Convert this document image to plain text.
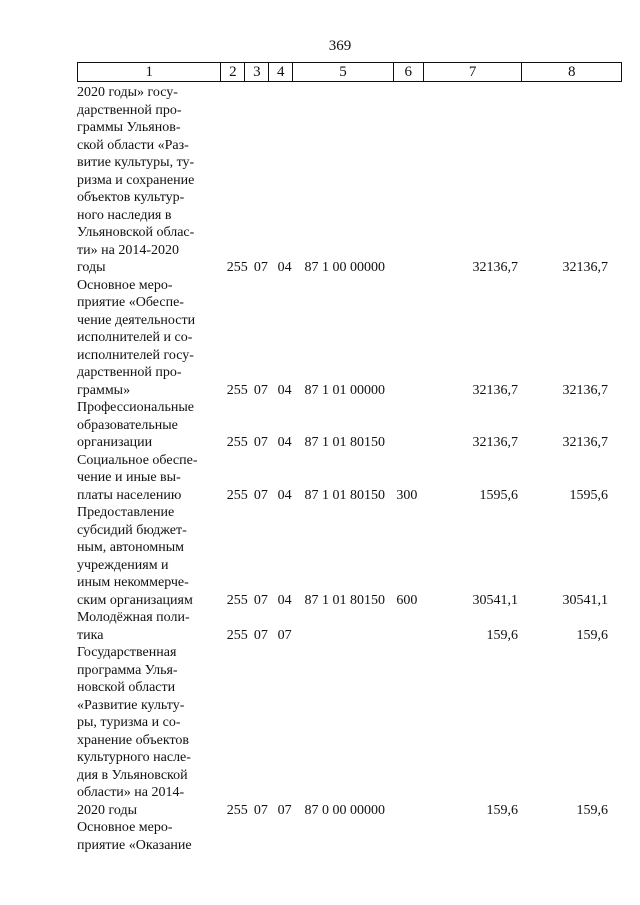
369
1	2	3	4	5	6	7	8
2020 годы» госу-
дарственной про-
граммы Ульянов-
ской области «Раз-
витие культуры, ту-
ризма и сохранение
объектов культур-
ного наследия в
Ульяновской облас-
ти» на 2014-2020
годы	255 07 04 87 1 00 00000	32136,7	32136,7
Основное меро-
приятие «Обеспе-
чение деятельности
исполнителей и со-
исполнителей госу-
дарственной про-
граммы»	255 07 04 87 1 01 00000	32136,7	32136,7
Профессиональные
образовательные
организации	255 07 04 87 1 01 80150	32136,7	32136,7
Социальное обеспе-
чение и иные вы-
платы населению	255 07 04 87 1 01 80150 300	1595,6	1595,6
Предоставление
субсидий бюджет-
ным, автономным
учреждениям и
иным некоммерче-
ским организациям	255 07 04 87 1 01 80150 600	30541,1	30541,1
Молодёжная поли-
тика	255 07 07	159,6	159,6
Государственная
программа Улья-
новской области
«Развитие культу-
ры, туризма и со-
хранение объектов
культурного насле-
дия в Ульяновской
области» на 2014-
2020 годы	255 07 07 87 0 00 00000	159,6	159,6
Основное меро-
приятие «Оказание
